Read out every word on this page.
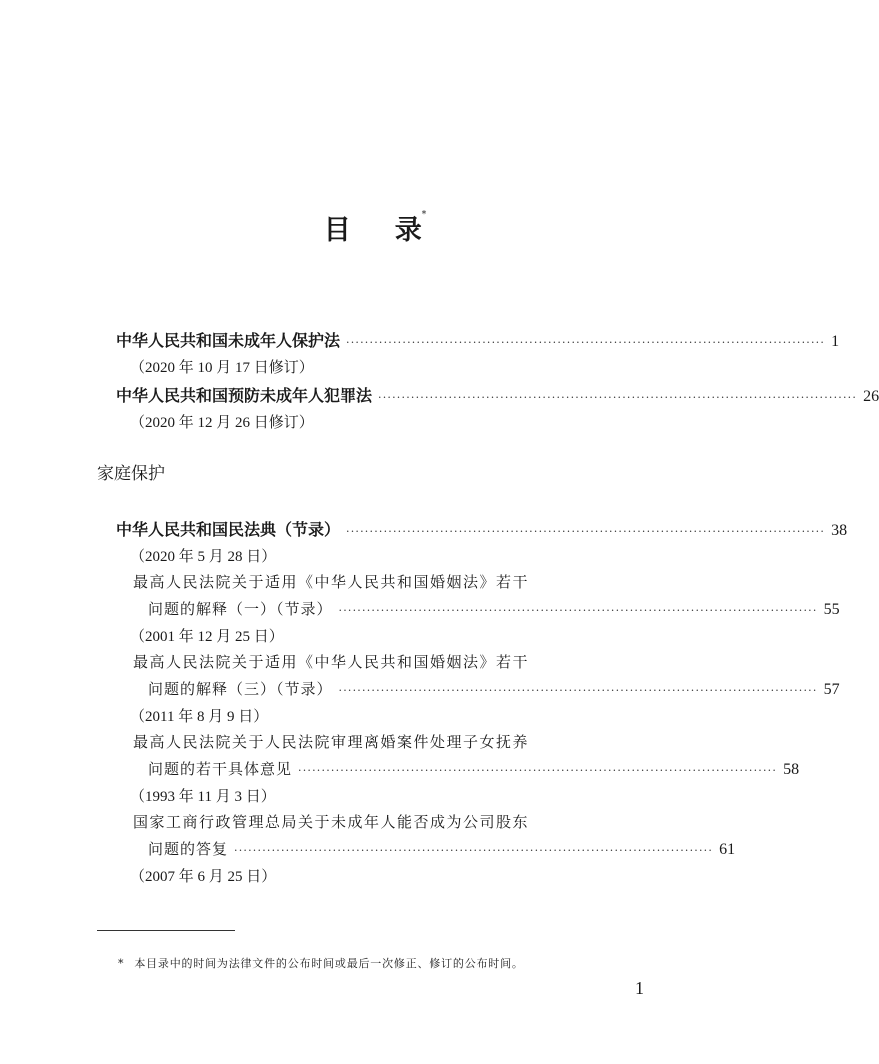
目 录*
中华人民共和国未成年人保护法 ······································································································ 1
（2020 年 10 月 17 日修订）
中华人民共和国预防未成年人犯罪法 ······································································································ 26
（2020 年 12 月 26 日修订）
家庭保护
中华人民共和国民法典（节录） ······································································································ 38
（2020 年 5 月 28 日）
最高人民法院关于适用《中华人民共和国婚姻法》若干
问题的解释（一）（节录） ······································································································ 55
（2001 年 12 月 25 日）
最高人民法院关于适用《中华人民共和国婚姻法》若干
问题的解释（三）（节录） ······································································································ 57
（2011 年 8 月 9 日）
最高人民法院关于人民法院审理离婚案件处理子女抚养
问题的若干具体意见 ······································································································ 58
（1993 年 11 月 3 日）
国家工商行政管理总局关于未成年人能否成为公司股东
问题的答复 ······································································································ 61
（2007 年 6 月 25 日）
* 本目录中的时间为法律文件的公布时间或最后一次修正、修订的公布时间。
1
